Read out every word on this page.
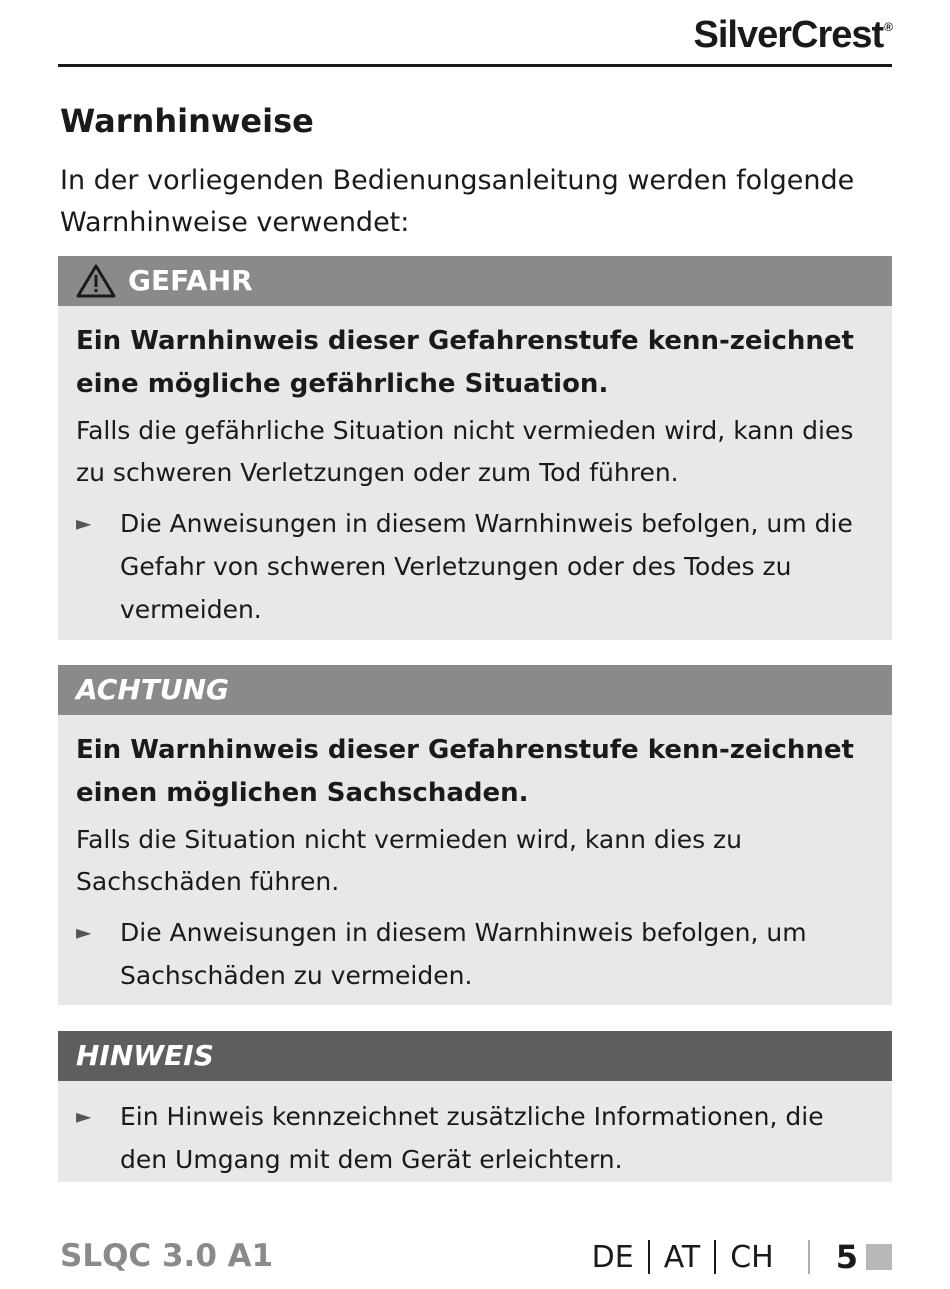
SilverCrest®
Warnhinweise

In der vorliegenden Bedienungsanleitung werden folgende Warnhinweise verwendet:

GEFAHR

Ein Warnhinweis dieser Gefahrenstufe kenn-zeichnet eine mögliche gefährliche Situation.

Falls die gefährliche Situation nicht vermieden wird, kann dies zu schweren Verletzungen oder zum Tod führen.

► Die Anweisungen in diesem Warnhinweis befolgen, um die Gefahr von schweren Verletzungen oder des Todes zu vermeiden.
ACHTUNG

Ein Warnhinweis dieser Gefahrenstufe kenn-zeichnet einen möglichen Sachschaden.

Falls die Situation nicht vermieden wird, kann dies zu Sachschäden führen.

► Die Anweisungen in diesem Warnhinweis befolgen, um Sachschäden zu vermeiden.
HINWEIS
► Ein Hinweis kennzeichnet zusätzliche Informationen, die den Umgang mit dem Gerät erleichtern.
SLQC 3.0 A1	DE AT CH 5
